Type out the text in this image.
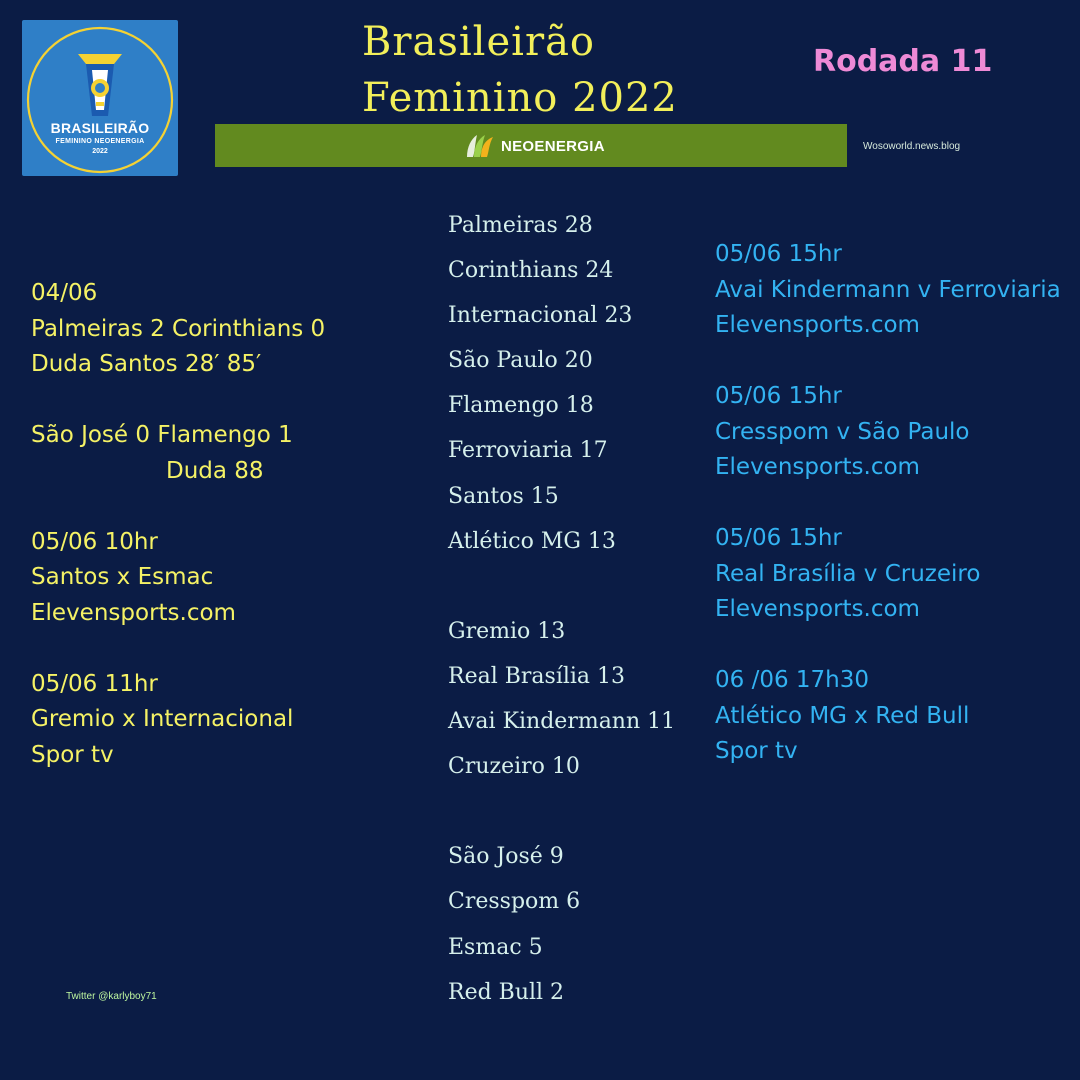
BRASILEIRÃO
FEMININO NEOENERGIA
2022
Brasileirão
Feminino 2022
Rodada 11
NEOENERGIA	Wosoworld.news.blog
04/06
Palmeiras 2 Corinthians 0
Duda Santos 28′ 85′
São José 0 Flamengo 1
Duda 88
05/06 10hr
Santos x Esmac
Elevensports.com
05/06 11hr
Gremio x Internacional
Spor tv
Palmeiras 28
Corinthians 24
Internacional 23
São Paulo 20
Flamengo 18
Ferroviaria 17
Santos 15
Atlético MG 13
Gremio 13
Real Brasília 13
Avai Kindermann 11
Cruzeiro 10
São José 9
Cresspom 6
Esmac 5
Red Bull 2
05/06 15hr
Avai Kindermann v Ferroviaria
Elevensports.com
05/06 15hr
Cresspom v São Paulo
Elevensports.com
05/06 15hr
Real Brasília v Cruzeiro
Elevensports.com
06 /06 17h30
Atlético MG x Red Bull
Spor tv
Twitter @karlyboy71
